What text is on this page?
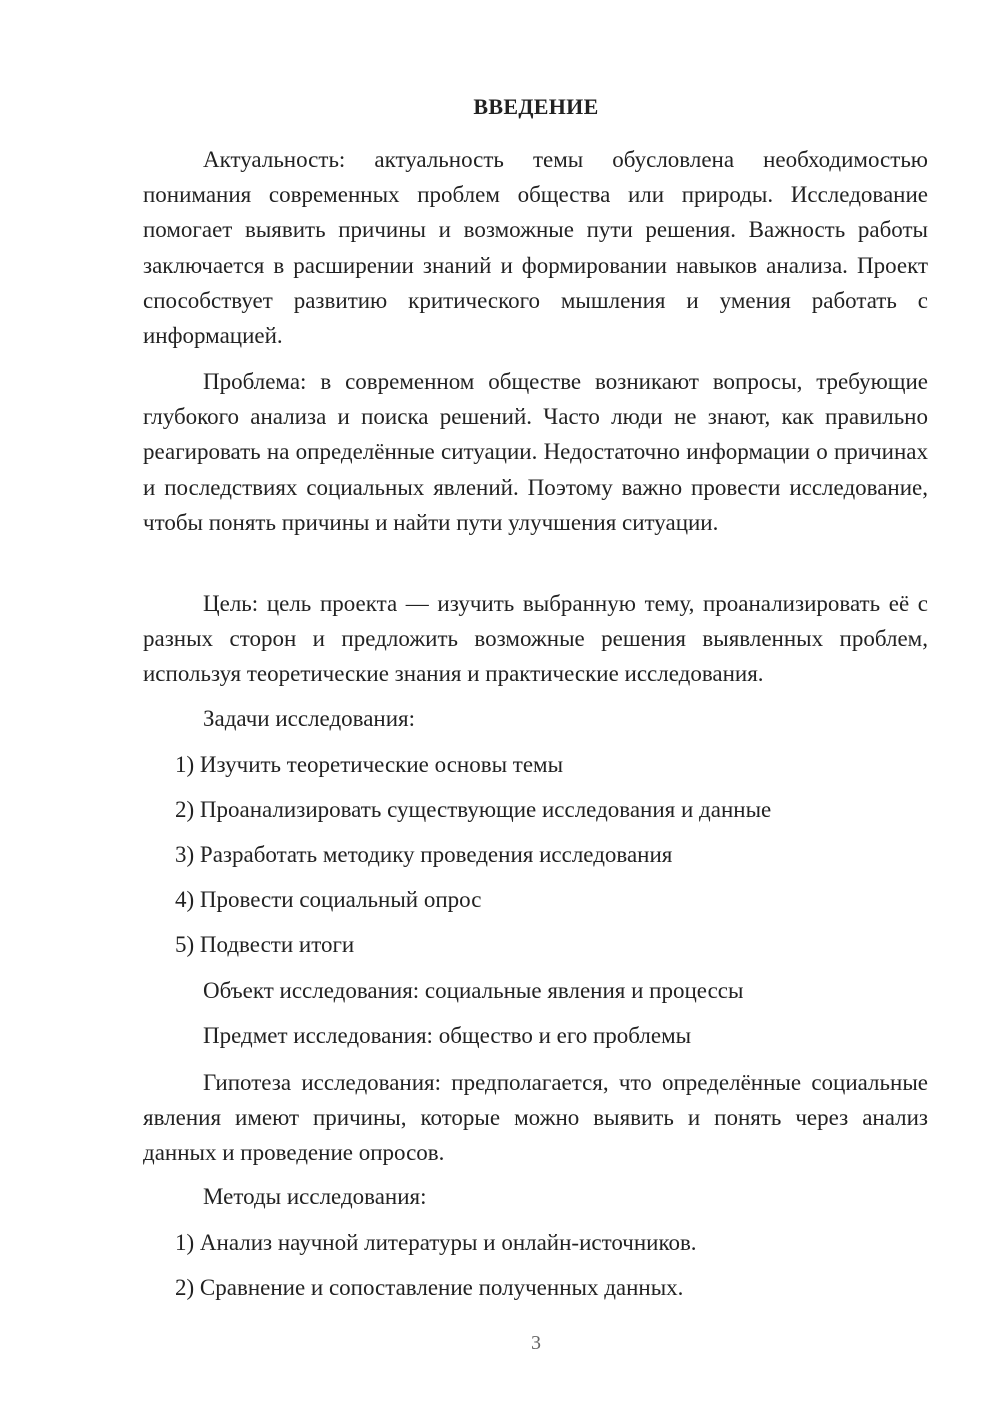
ВВЕДЕНИЕ

Актуальность: актуальность темы обусловлена необходимостью понимания современных проблем общества или природы. Исследование помогает выявить причины и возможные пути решения. Важность работы заключается в расширении знаний и формировании навыков анализа. Проект способствует развитию критического мышления и умения работать с информацией.

Проблема: в современном обществе возникают вопросы, требующие глубокого анализа и поиска решений. Часто люди не знают, как правильно реагировать на определённые ситуации. Недостаточно информации о причинах и последствиях социальных явлений. Поэтому важно провести исследование, чтобы понять причины и найти пути улучшения ситуации.

Цель: цель проекта — изучить выбранную тему, проанализировать её с разных сторон и предложить возможные решения выявленных проблем, используя теоретические знания и практические исследования.

Задачи исследования:
1) Изучить теоретические основы темы
2) Проанализировать существующие исследования и данные
3) Разработать методику проведения исследования
4) Провести социальный опрос
5) Подвести итоги
Объект исследования: социальные явления и процессы
Предмет исследования: общество и его проблемы

Гипотеза исследования: предполагается, что определённые социальные явления имеют причины, которые можно выявить и понять через анализ данных и проведение опросов.

Методы исследования:
1) Анализ научной литературы и онлайн-источников.
2) Сравнение и сопоставление полученных данных.
3
